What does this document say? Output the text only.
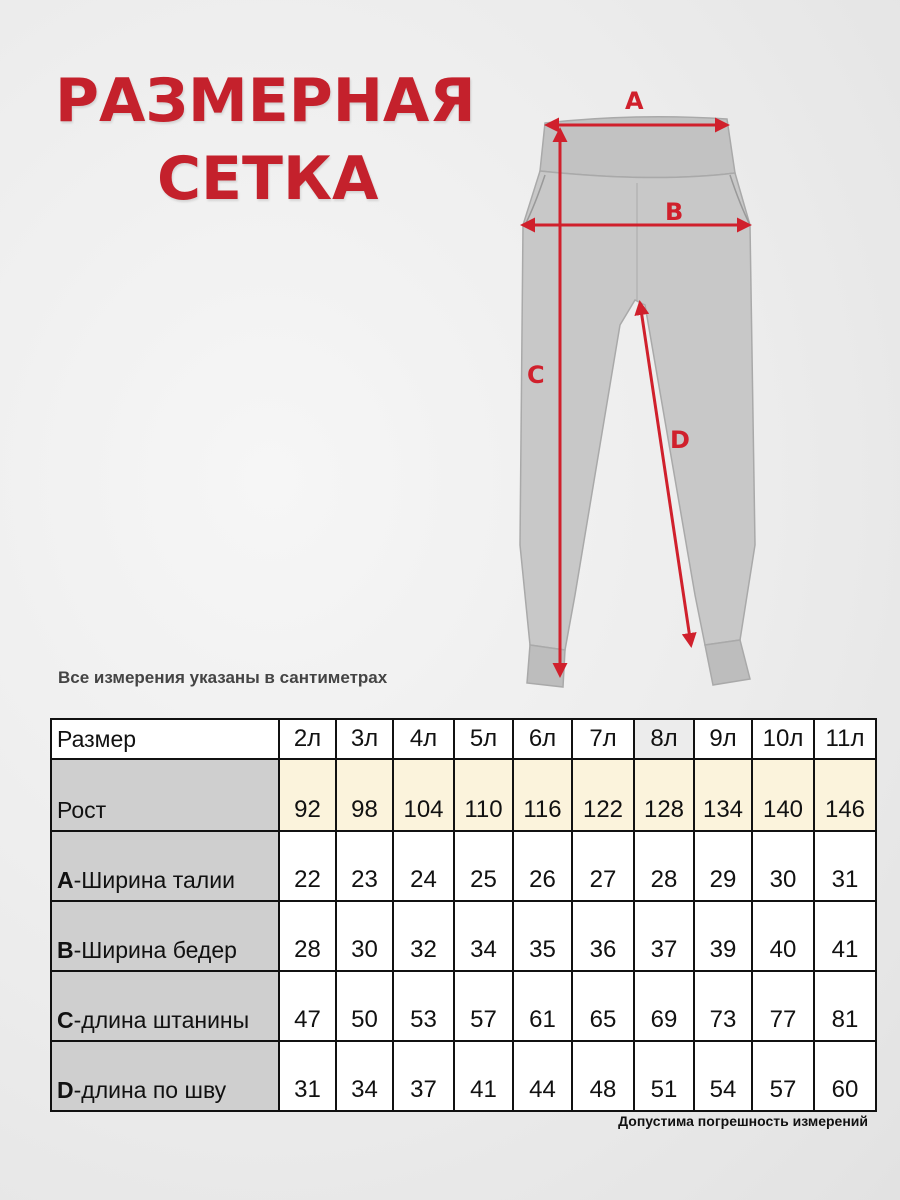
РАЗМЕРНАЯ
СЕТКА
A
B
C
D
Все измерения указаны в сантиметрах
Размер	2л	3л	4л	5л	6л	7л	8л	9л	10л	11л
Рост	92	98	104	110	116	122	128	134	140	146
A-Ширина талии	22	23	24	25	26	27	28	29	30	31
B-Ширина бедер	28	30	32	34	35	36	37	39	40	41
C-длина штанины	47	50	53	57	61	65	69	73	77	81
D-длина по шву	31	34	37	41	44	48	51	54	57	60
Допустима погрешность измерений
